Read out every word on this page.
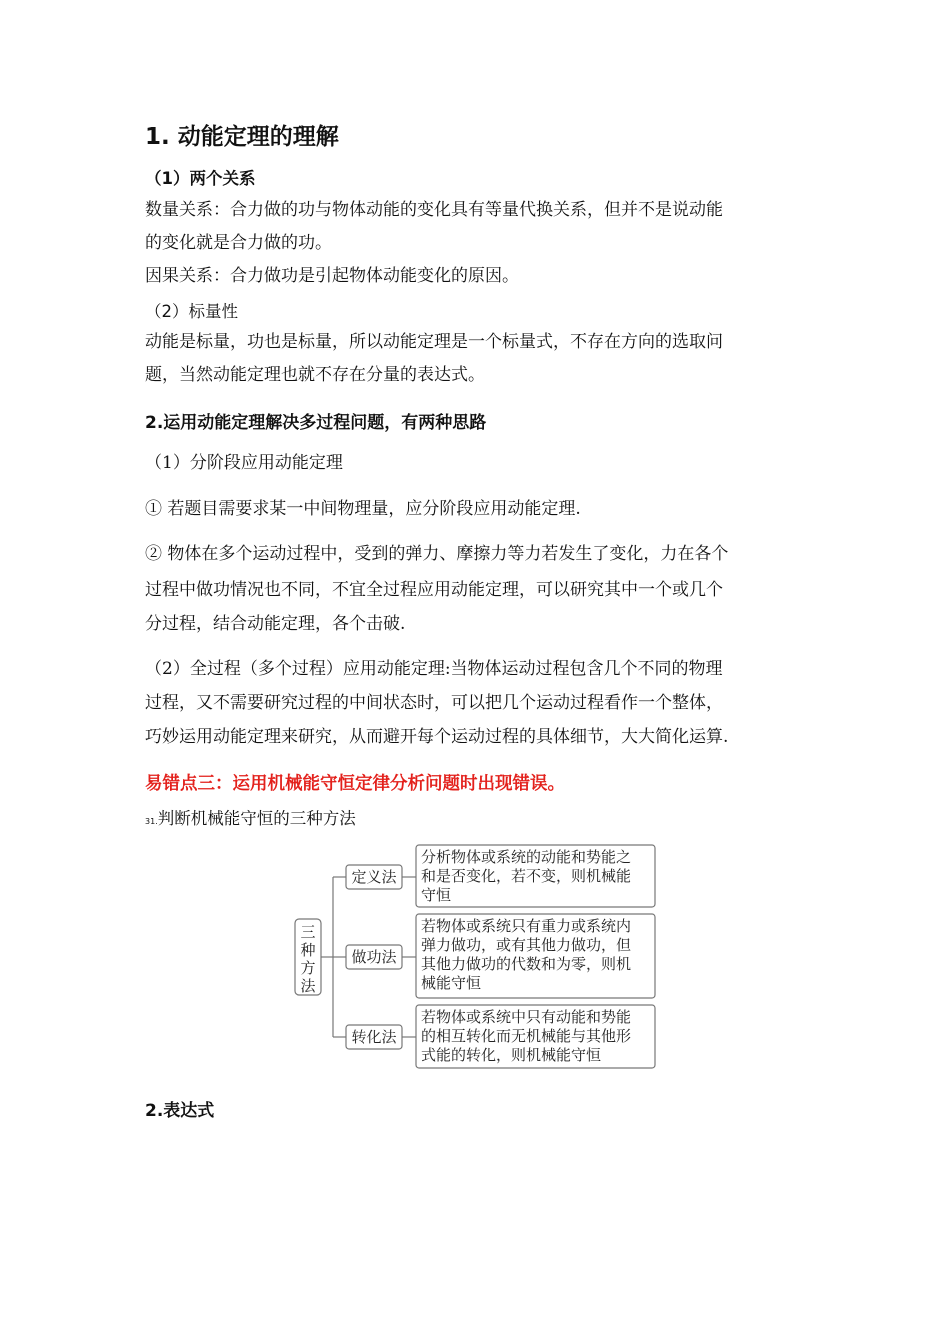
1. 动能定理的理解
（1）两个关系
数量关系：合力做的功与物体动能的变化具有等量代换关系，但并不是说动能
的变化就是合力做的功。
因果关系：合力做功是引起物体动能变化的原因。
（2）标量性
动能是标量，功也是标量，所以动能定理是一个标量式，不存在方向的选取问
题，当然动能定理也就不存在分量的表达式。
2.运用动能定理解决多过程问题，有两种思路
（1）分阶段应用动能定理
① 若题目需要求某一中间物理量，应分阶段应用动能定理.
② 物体在多个运动过程中，受到的弹力、摩擦力等力若发生了变化，力在各个
过程中做功情况也不同，不宜全过程应用动能定理，可以研究其中一个或几个
分过程，结合动能定理，各个击破.
（2）全过程（多个过程）应用动能定理:当物体运动过程包含几个不同的物理
过程，又不需要研究过程的中间状态时，可以把几个运动过程看作一个整体，
巧妙运用动能定理来研究，从而避开每个运动过程的具体细节，大大简化运算.
易错点三：运用机械能守恒定律分析问题时出现错误。
31.判断机械能守恒的三种方法
2.表达式
三
种
方
法
定义法
做功法
转化法
分析物体或系统的动能和势能之
和是否变化，若不变，则机械能
守恒
若物体或系统只有重力或系统内
弹力做功，或有其他力做功，但
其他力做功的代数和为零，则机
械能守恒
若物体或系统中只有动能和势能
的相互转化而无机械能与其他形
式能的转化，则机械能守恒
